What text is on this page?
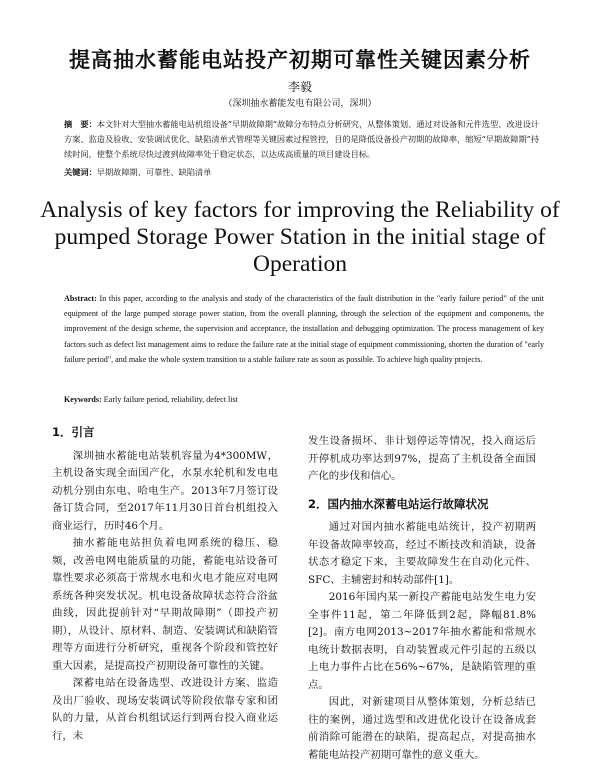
提高抽水蓄能电站投产初期可靠性关键因素分析
李毅
（深圳抽水蓄能发电有限公司，深圳）
摘　要：本文针对大型抽水蓄能电站机组设备“早期故障期”故障分布特点分析研究，从整体策划、通过对设备和元件选型、改进设计方案、监造及验收、安装调试优化、缺陷清单式管理等关键因素过程管控，目的是降低设备投产初期的故障率，缩短“早期故障期”持续时间，使整个系统尽快过渡到故障率处于稳定状态，以达成高质量的项目建设目标。
关键词：早期故障期、可靠性、缺陷清单
Analysis of key factors for improving the Reliability of pumped Storage Power Station in the initial stage of Operation
Abstract: In this paper, according to the analysis and study of the characteristics of the fault distribution in the "early failure period" of the unit equipment of the large pumped storage power station, from the overall planning, through the selection of the equipment and components, the improvement of the design scheme, the supervision and acceptance, the installation and debugging optimization. The process management of key factors such as defect list management aims to reduce the failure rate at the initial stage of equipment commissioning, shorten the duration of "early failure period", and make the whole system transition to a stable failure rate as soon as possible. To achieve high quality projects.
Keywords: Early failure period, reliability, defect list
1．引言

深圳抽水蓄能电站装机容量为4*300MW，主机设备实现全面国产化，水泵水轮机和发电电动机分别由东电、哈电生产。2013年7月签订设备订货合同，至2017年11月30日首台机组投入商业运行，历时46个月。

抽水蓄能电站担负着电网系统的稳压、稳频，改善电网电能质量的功能，蓄能电站设备可靠性要求必须高于常规水电和火电才能应对电网系统各种突发状况。机电设备故障状态符合浴盆曲线，因此提前针对“早期故障期”（即投产初期），从设计、原材料、制造、安装调试和缺陷管理等方面进行分析研究，重视各个阶段和管控好重大因素，是提高投产初期设备可靠性的关键。

深蓄电站在设备选型、改进设计方案、监造及出厂验收、现场安装调试等阶段依靠专家和团队的力量，从首台机组试运行到两台投入商业运行，未

发生设备损坏、非计划停运等情况，投入商运后开停机成功率达到97%，提高了主机设备全面国产化的步伐和信心。

2．国内抽水深蓄电站运行故障状况

通过对国内抽水蓄能电站统计，投产初期两年设备故障率较高，经过不断技改和消缺，设备状态才稳定下来，主要故障发生在自动化元件、SFC、主辅密封和转动部件[1]。

2016年国内某一新投产蓄能电站发生电力安全事件11起，第二年降低到2起，降幅81.8%[2]。南方电网2013~2017年抽水蓄能和常规水电统计数据表明，自动装置或元件引起的五级以上电力事件占比在56%~67%，是缺陷管理的重点。

因此，对新建项目从整体策划，分析总结已往的案例，通过选型和改进优化设计在设备成套前消除可能潜在的缺陷，提高起点，对提高抽水蓄能电站投产初期可靠性的意义重大。
